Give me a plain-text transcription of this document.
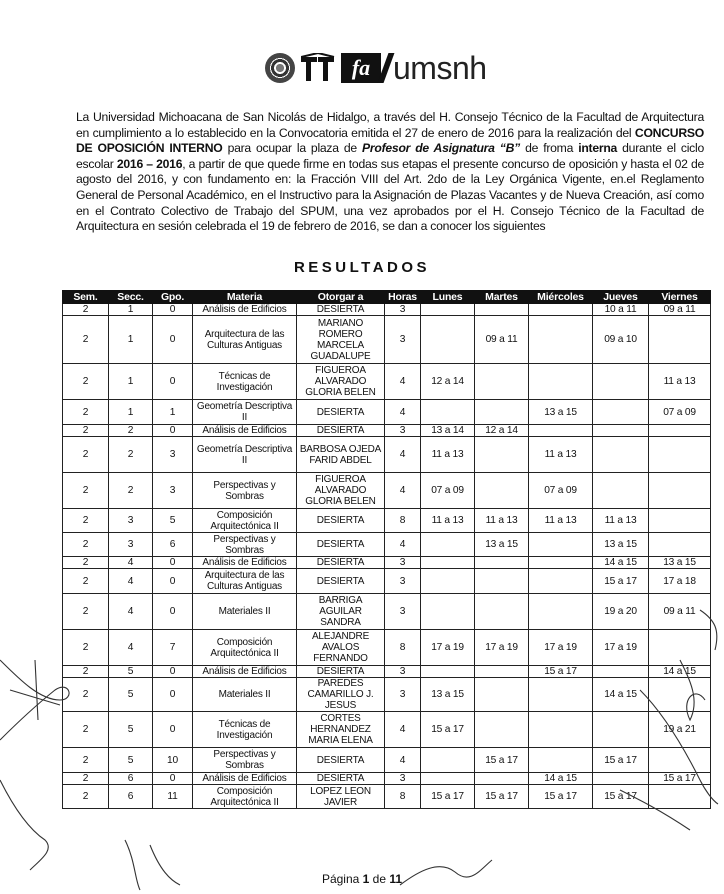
fa umsnh
La Universidad Michoacana de San Nicolás de Hidalgo, a través del H. Consejo Técnico de la Facultad de Arquitectura en cumplimiento a lo establecido en la Convocatoria emitida el 27 de enero de 2016 para la realización del CONCURSO DE OPOSICIÓN INTERNO para ocupar la plaza de Profesor de Asignatura “B” de froma interna durante el ciclo escolar 2016 – 2016, a partir de que quede firme en todas sus etapas el presente concurso de oposición y hasta el 02 de agosto del 2016, y con fundamento en: la Fracción VIII del Art. 2do de la Ley Orgánica Vigente, en.el Reglamento General de Personal Académico, en el Instructivo para la Asignación de Plazas Vacantes y de Nueva Creación, así como en el Contrato Colectivo de Trabajo del SPUM, una vez aprobados por el H. Consejo Técnico de la Facultad de Arquitectura en sesión celebrada el 19 de febrero de 2016, se dan a conocer los siguientes
RESULTADOS
Sem.	Secc.	Gpo.	Materia	Otorgar a	Horas	Lunes	Martes	Miércoles	Jueves	Viernes
2	1	0	Análisis de Edificios	DESIERTA	3				10 a 11	09 a 11
2	1	0	Arquitectura de las Culturas Antiguas	MARIANO ROMERO MARCELA GUADALUPE	3		09 a 11		09 a 10	
2	1	0	Técnicas de Investigación	FIGUEROA ALVARADO GLORIA BELEN	4	12 a 14				11 a 13
2	1	1	Geometría Descriptiva II	DESIERTA	4			13 a 15		07 a 09
2	2	0	Análisis de Edificios	DESIERTA	3	13 a 14	12 a 14			
2	2	3	Geometría Descriptiva II	BARBOSA OJEDA FARID ABDEL	4	11 a 13		11 a 13		
2	2	3	Perspectivas y Sombras	FIGUEROA ALVARADO GLORIA BELEN	4	07 a 09		07 a 09		
2	3	5	Composición Arquitectónica II	DESIERTA	8	11 a 13	11 a 13	11 a 13	11 a 13	
2	3	6	Perspectivas y Sombras	DESIERTA	4		13 a 15		13 a 15	
2	4	0	Análisis de Edificios	DESIERTA	3				14 a 15	13 a 15
2	4	0	Arquitectura de las Culturas Antiguas	DESIERTA	3				15 a 17	17 a 18
2	4	0	Materiales II	BARRIGA AGUILAR SANDRA	3				19 a 20	09 a 11
2	4	7	Composición Arquitectónica II	ALEJANDRE AVALOS FERNANDO	8	17 a 19	17 a 19	17 a 19	17 a 19	
2	5	0	Análisis de Edificios	DESIERTA	3			15 a 17		14 a 15
2	5	0	Materiales II	PAREDES CAMARILLO J. JESUS	3	13 a 15			14 a 15	
2	5	0	Técnicas de Investigación	CORTES HERNANDEZ MARIA ELENA	4	15 a 17				19 a 21
2	5	10	Perspectivas y Sombras	DESIERTA	4		15 a 17		15 a 17	
2	6	0	Análisis de Edificios	DESIERTA	3			14 a 15		15 a 17
2	6	11	Composición Arquitectónica II	LOPEZ LEON JAVIER	8	15 a 17	15 a 17	15 a 17	15 a 17	
Página 1 de 11
